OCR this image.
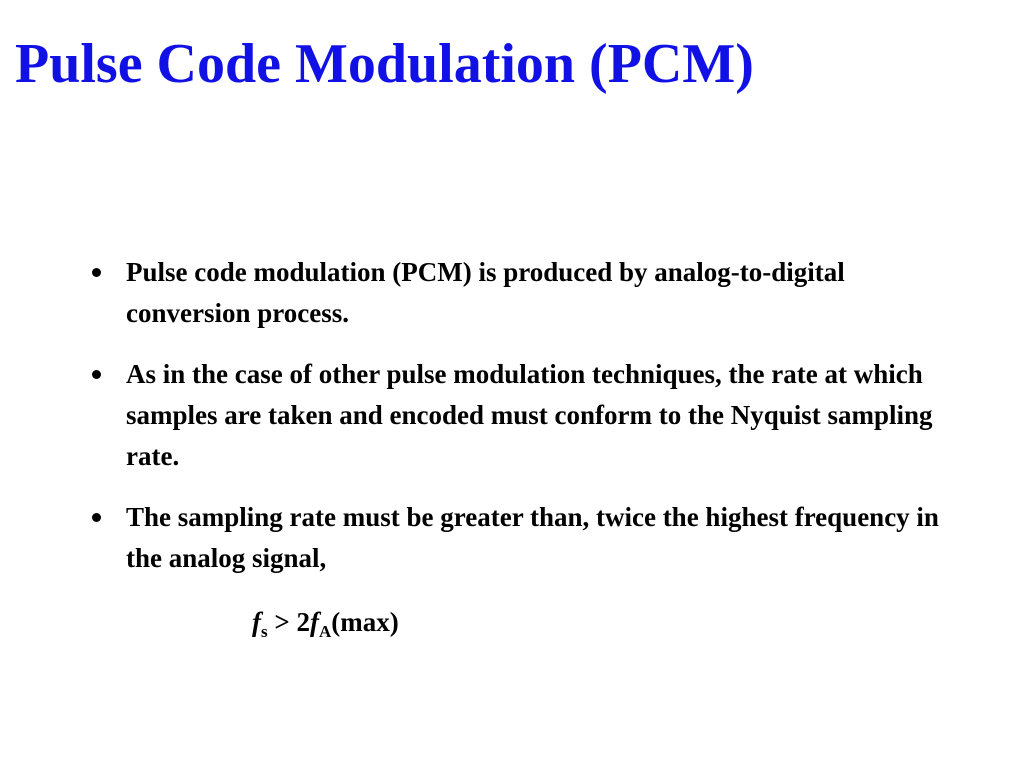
Pulse Code Modulation (PCM)
Pulse code modulation (PCM) is produced by analog-to-digital conversion process.
As in the case of other pulse modulation techniques, the rate at which samples are taken and encoded must conform to the Nyquist sampling rate.
The sampling rate must be greater than, twice the highest frequency in the analog signal,
$f_s > 2f_A(\max)$
